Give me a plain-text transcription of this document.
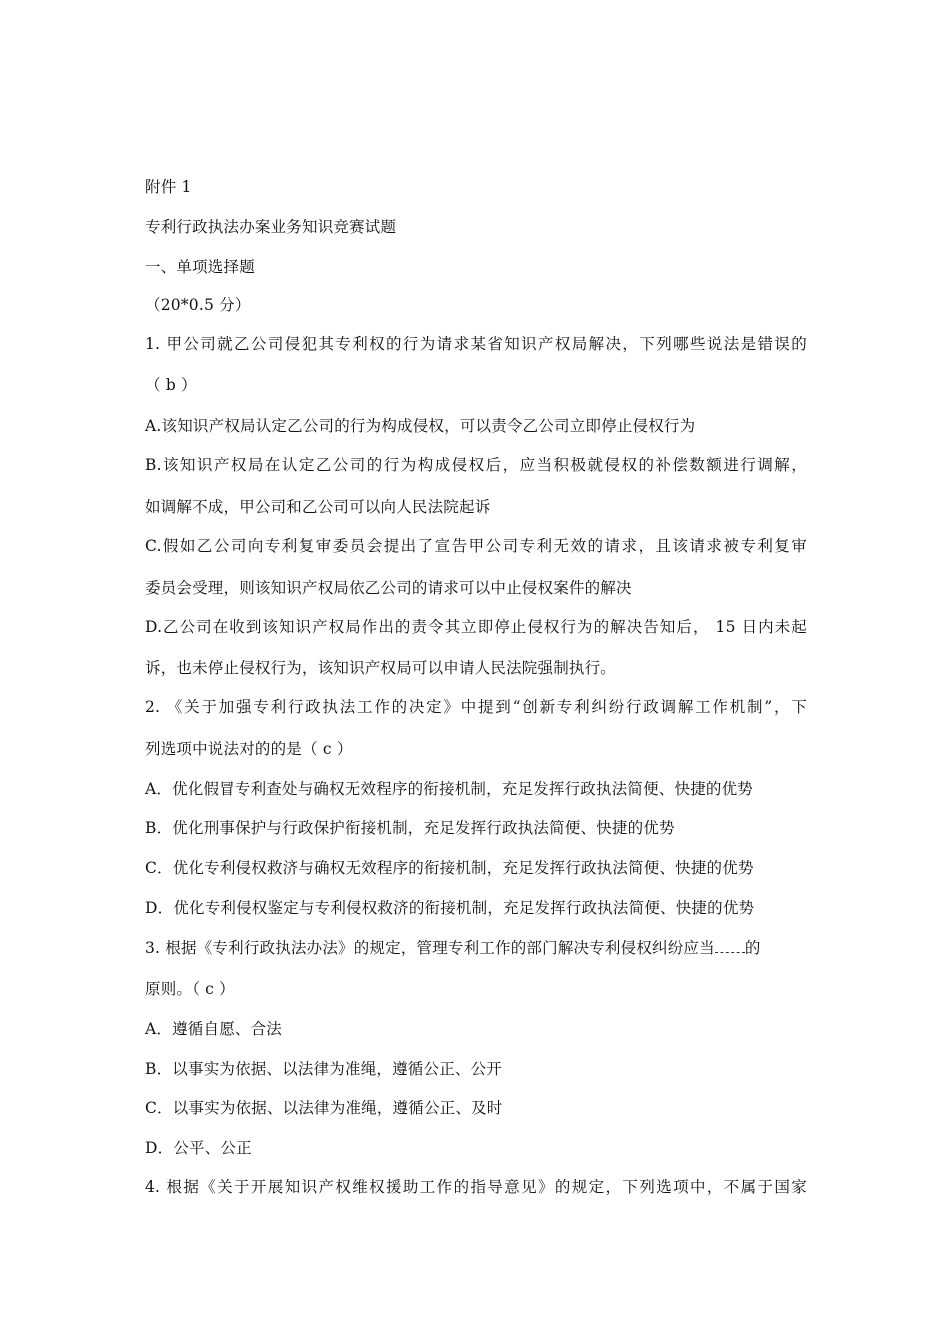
附件 1
专利行政执法办案业务知识竞赛试题
一、单项选择题
（20*0.5 分）
1. 甲公司就乙公司侵犯其专利权的行为请求某省知识产权局解决，下列哪些说法是错误的
（ b ）
A.该知识产权局认定乙公司的行为构成侵权，可以责令乙公司立即停止侵权行为
B.该知识产权局在认定乙公司的行为构成侵权后，应当积极就侵权的补偿数额进行调解，
如调解不成，甲公司和乙公司可以向人民法院起诉
C.假如乙公司向专利复审委员会提出了宣告甲公司专利无效的请求，且该请求被专利复审
委员会受理，则该知识产权局依乙公司的请求可以中止侵权案件的解决
D.乙公司在收到该知识产权局作出的责令其立即停止侵权行为的解决告知后， 15 日内未起
诉，也未停止侵权行为，该知识产权局可以申请人民法院强制执行。
2. 《关于加强专利行政执法工作的决定》中提到“创新专利纠纷行政调解工作机制”，下
列选项中说法对的的是（ c ）
A．优化假冒专利查处与确权无效程序的衔接机制，充足发挥行政执法简便、快捷的优势
B．优化刑事保护与行政保护衔接机制，充足发挥行政执法简便、快捷的优势
C．优化专利侵权救济与确权无效程序的衔接机制，充足发挥行政执法简便、快捷的优势
D．优化专利侵权鉴定与专利侵权救济的衔接机制，充足发挥行政执法简便、快捷的优势
3. 根据《专利行政执法办法》的规定，管理专利工作的部门解决专利侵权纠纷应当 的
原则。（ c ）
A．遵循自愿、合法
B．以事实为依据、以法律为准绳，遵循公正、公开
C．以事实为依据、以法律为准绳，遵循公正、及时
D．公平、公正
4. 根据《关于开展知识产权维权援助工作的指导意见》的规定，下列选项中，不属于国家
